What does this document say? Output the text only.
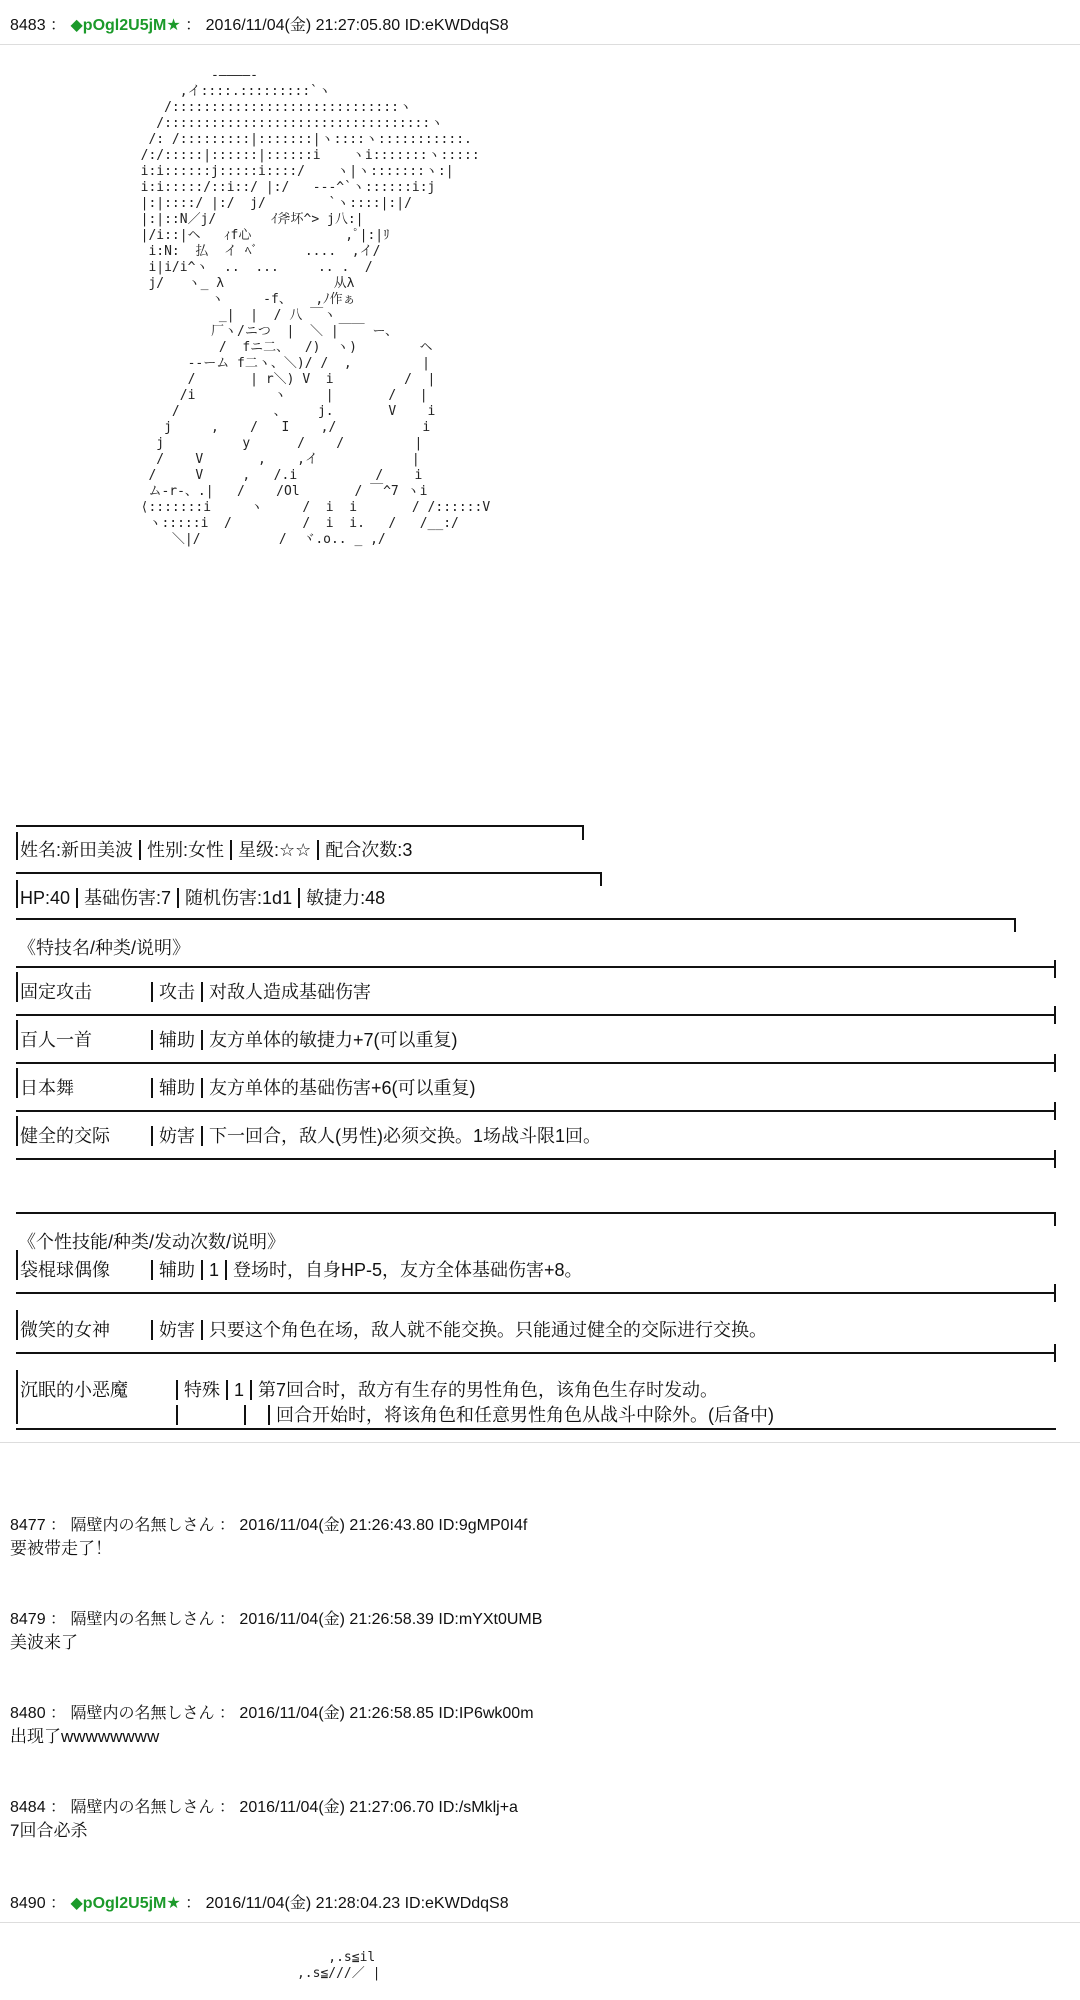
8483 ： ◆pOgl2U5jM★ ： 2016/11/04(金) 21:27:05.80 ID:eKWDdqS8
-――――-
,イ::::.:::::::::`ヽ
/:::::::::::::::::::::::::::::ヽ
/::::::::::::::::::::::::::::::::::ヽ
/: /:::::::::|:::::::|ヽ::::ヽ:::::::::::.
/:/:::::|::::::|::::::i    ヽi:::::::ヽ:::::
i:i::::::j:::::i::::/    ヽ|ヽ:::::::ヽ:|
i:i:::::/::i::/ |:/   ---^`ヽ::::::i:j
|:|::::/ |:/  j/        `ヽ::::|:|/
|:|::N／j/       ｲ斧坏^> j八:|
|/i::|ヘ   ｨf心            ,ﾟ|:|ﾘ
i:N:  払  イ ﾍﾞ      ....  ,イ/
i|i/i^ヽ  ..  ...     .. .  /
j/   ヽ_ λ              从λ
ヽ     -f、   ,ﾉ作ぁ
_|  |  / 八 ￣ヽ
厂ヽ/ニつ  |  ＼ |￣￣ ー、
/  fニ二、  /)  ヽ)        ヘ
--ーム f二ヽ、＼)/ /  ,         |
/       | r＼) V  i         /  |
/i          ヽ     |       /   |
/            、    j.       V    i
j     ,    /   I    ,/           i
j          y      /    /         |
/    V       ,    ,イ            |
/     V     ,   /.i          /    i
ム-r-、.|   /    /Ol       / ￣^7 ヽi
⟨:::::::i     ヽ     /  i  i       / /::::::V
ヽ:::::i  /         /  i  i.   /   /__:/
＼|/          /  ヾ.o.. _ ,/
姓名:新田美波 性别:女性 星级:☆☆ 配合次数:3
HP:40 基础伤害:7 随机伤害:1d1 敏捷力:48
《特技名/种类/说明》
固定攻击	攻击 对敌人造成基础伤害
百人一首	辅助 友方单体的敏捷力+7(可以重复)
日本舞	辅助 友方单体的基础伤害+6(可以重复)
健全的交际	妨害 下一回合，敌人(男性)必须交换。1场战斗限1回。
《个性技能/种类/发动次数/说明》
袋棍球偶像	辅助 1 登场时，自身HP-5，友方全体基础伤害+8。
微笑的女神	妨害 只要这个角色在场，敌人就不能交换。只能通过健全的交际进行交换。
沉眠的小恶魔	特殊 1 第7回合时，敌方有生存的男性角色，该角色生存时发动。
回合开始时，将该角色和任意男性角色从战斗中除外。(后备中)
8477 ： 隔壁内の名無しさん ： 2016/11/04(金) 21:26:43.80 ID:9gMP0I4f
要被带走了！
8479 ： 隔壁内の名無しさん ： 2016/11/04(金) 21:26:58.39 ID:mYXt0UMB
美波来了
8480 ： 隔壁内の名無しさん ： 2016/11/04(金) 21:26:58.85 ID:IP6wk00m
出现了wwwwwwww
8484 ： 隔壁内の名無しさん ： 2016/11/04(金) 21:27:06.70 ID:/sMklj+a
7回合必杀
8490 ： ◆pOgl2U5jM★ ： 2016/11/04(金) 21:28:04.23 ID:eKWDdqS8
,.s≦il
,.s≦///／ |
